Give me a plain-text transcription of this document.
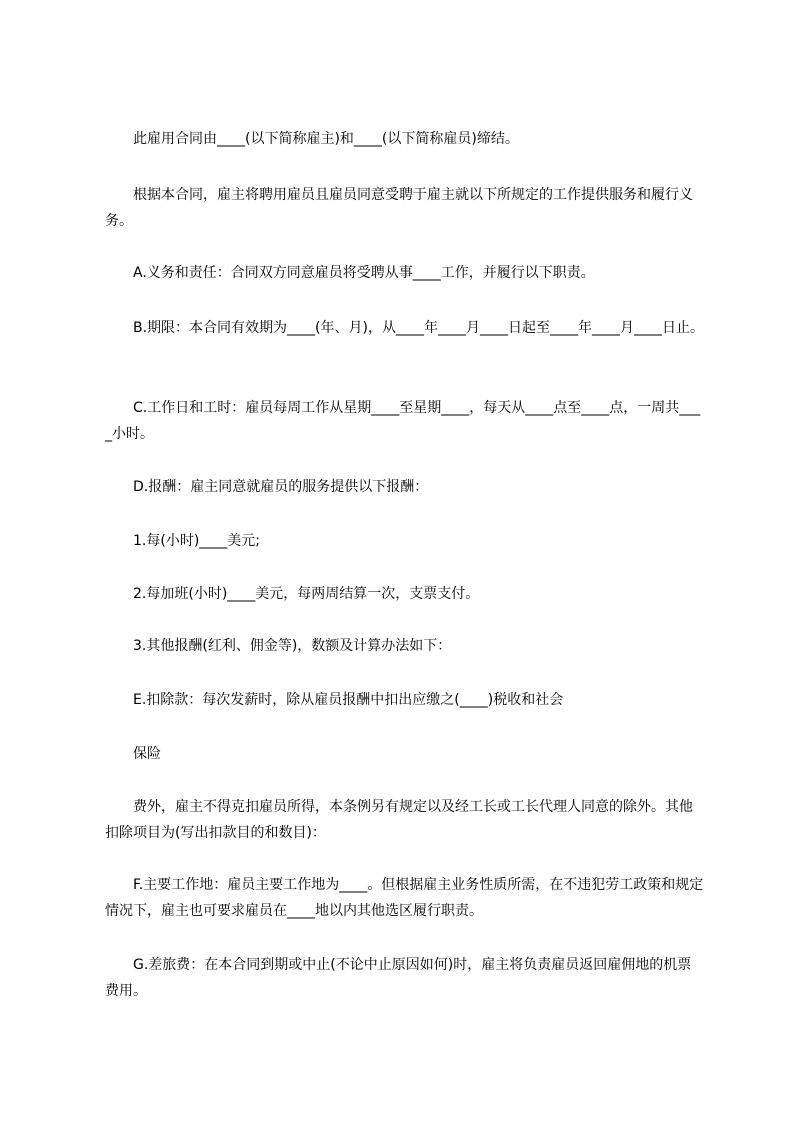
　　此雇用合同由____(以下简称雇主)和____(以下简称雇员)缔结。

　　根据本合同，雇主将聘用雇员且雇员同意受聘于雇主就以下所规定的工作提供服务和履行义务。

　　A.义务和责任：合同双方同意雇员将受聘从事____工作，并履行以下职责。

　　B.期限：本合同有效期为____(年、月)，从____年____月____日起至____年____月____日止。

　　C.工作日和工时：雇员每周工作从星期____至星期____，每天从____点至____点，一周共____小时。

　　D.报酬：雇主同意就雇员的服务提供以下报酬：

　　1.每(小时)____美元;

　　2.每加班(小时)____美元，每两周结算一次，支票支付。

　　3.其他报酬(红利、佣金等)，数额及计算办法如下：

　　E.扣除款：每次发薪时，除从雇员报酬中扣出应缴之(____)税收和社会

　　保险

　　费外，雇主不得克扣雇员所得，本条例另有规定以及经工长或工长代理人同意的除外。其他扣除项目为(写出扣款目的和数目)：

　　F.主要工作地：雇员主要工作地为____。但根据雇主业务性质所需，在不违犯劳工政策和规定情况下，雇主也可要求雇员在____地以内其他选区履行职责。

　　G.差旅费：在本合同到期或中止(不论中止原因如何)时，雇主将负责雇员返回雇佣地的机票费用。
